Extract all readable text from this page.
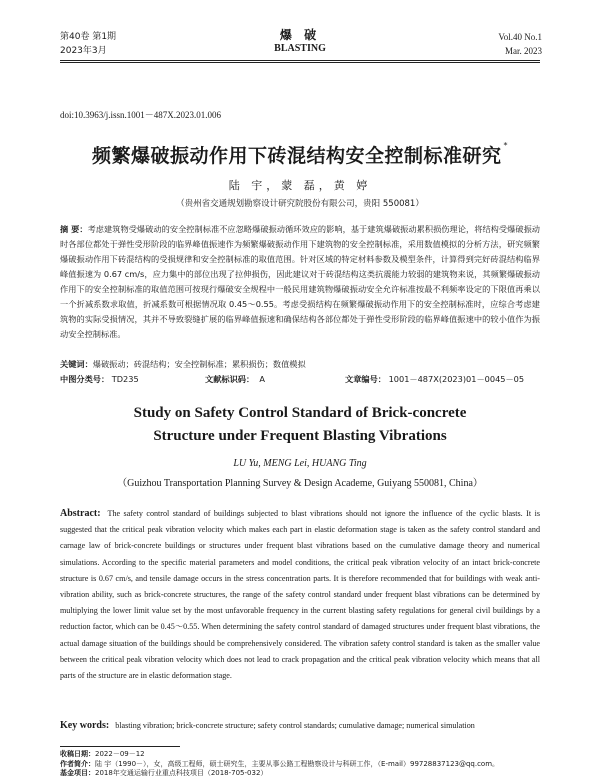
第40卷 第1期
2023年3月
爆 破
BLASTING
Vol.40 No.1
Mar. 2023
doi:10.3963/j.issn.1001－487X.2023.01.006
频繁爆破振动作用下砖混结构安全控制标准研究 *
陆 宇，蒙 磊，黄 婷
（贵州省交通规划勘察设计研究院股份有限公司，贵阳 550081）
摘 要：考虑建筑物受爆破动的安全控制标准不应忽略爆破振动循环效应的影响，基于建筑爆破振动累积损伤理论，将结构受爆破振动时各部位都处于弹性受形阶段的临界峰值振速作为频繁爆破振动作用下建筑物的安全控制标准，采用数值模拟的分析方法，研究频繁爆破振动作用下砖混结构的受损规律和安全控制标准的取值范围。针对区域的特定材料参数及模型条件，计算得到完好砖混结构临界峰值振速为 0.67 cm/s，应力集中的部位出现了拉伸损伤，因此建议对于砖混结构这类抗震能力较弱的建筑物来说，其频繁爆破振动作用下的安全控制标准的取值范围可按现行爆破安全规程中一般民用建筑物爆破振动安全允许标准按最不利频率设定的下限值再乘以一个折减系数求取值，折减系数可根据情况取 0.45～0.55。考虑受损结构在频繁爆破振动作用下的安全控制标准时，应综合考虑建筑物的实际受损情况，其并不导致裂缝扩展的临界峰值振速和确保结构各部位都处于弹性受形阶段的临界峰值振速中的较小值作为振动安全控制标准。
关键词：爆破振动；砖混结构；安全控制标准；累积损伤；数值模拟
中图分类号： TD235	文献标识码： A	文章编号： 1001－487X(2023)01－0045－05
Study on Safety Control Standard of Brick-concrete
Structure under Frequent Blasting Vibrations
LU Yu, MENG Lei, HUANG Ting
（Guizhou Transportation Planning Survey & Design Academe, Guiyang 550081, China）
Abstract: The safety control standard of buildings subjected to blast vibrations should not ignore the influence of the cyclic blasts. It is suggested that the critical peak vibration velocity which makes each part in elastic deformation stage is taken as the safety control standard and carnage law of brick-concrete buildings or structures under frequent blast vibrations based on the cumulative damage theory and numerical simulations. According to the specific material parameters and model conditions, the critical peak vibration velocity of an intact brick-concrete structure is 0.67 cm/s, and tensile damage occurs in the stress concentration parts. It is therefore recommended that for buildings with weak anti-vibration ability, such as brick-concrete structures, the range of the safety control standard under frequent blast vibrations can be determined by multiplying the lower limit value set by the most unfavorable frequency in the current blasting safety regulations for general civil buildings by a reduction factor, which can be 0.45～0.55. When determining the safety control standard of damaged structures under frequent blast vibrations, the actual damage situation of the buildings should be comprehensively considered. The vibration safety control standard is taken as the smaller value between the critical peak vibration velocity which does not lead to crack propagation and the critical peak vibration velocity which means that all parts of the structure are in elastic deformation stage.
Key words: blasting vibration; brick-concrete structure; safety control standards; cumulative damage; numerical simulation
收稿日期：2022－09－12
作者简介：陆 宇（1990－），女，高级工程师，硕士研究生，主要从事公路工程勘察设计与科研工作，（E-mail）99728837123@qq.com。
基金项目：2018年交通运输行业重点科技项目（2018-705-032）
